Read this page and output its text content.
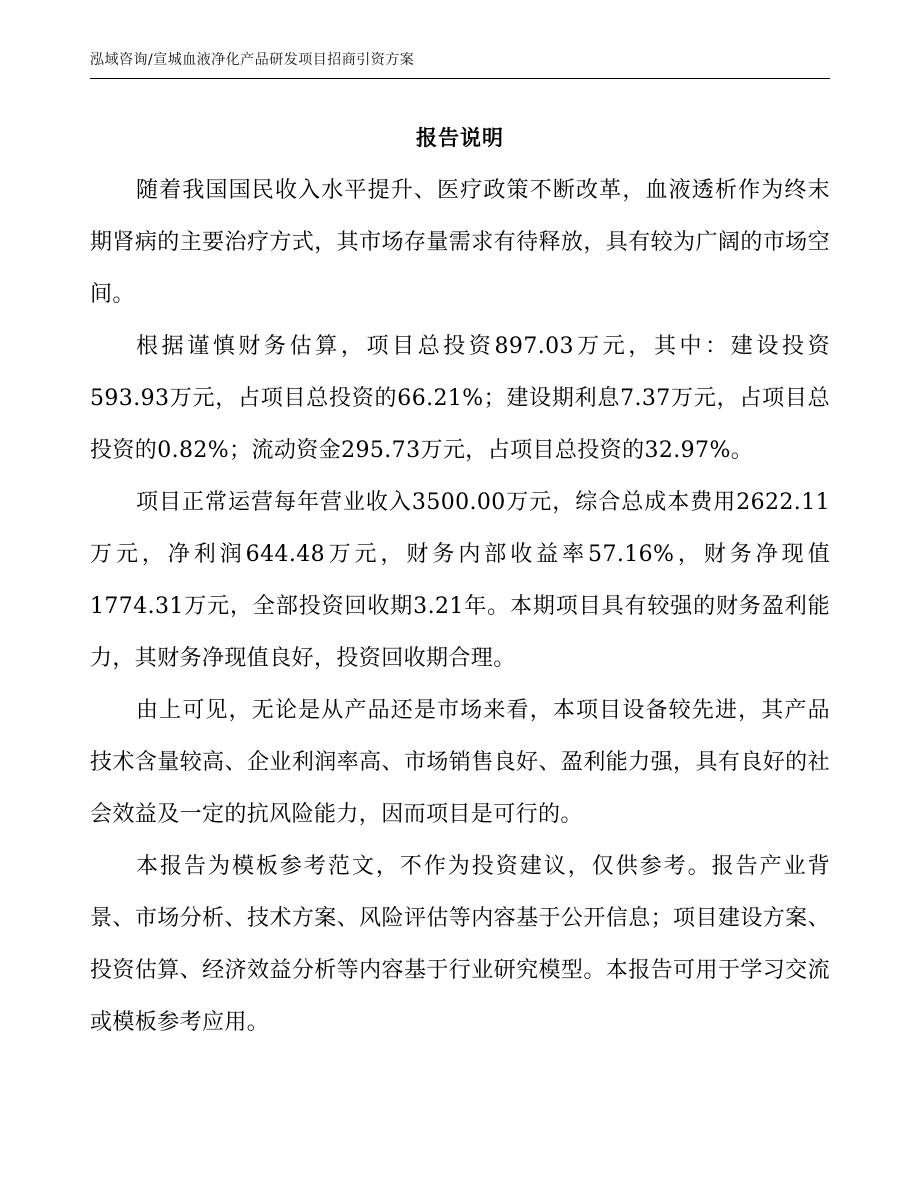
泓域咨询/宣城血液净化产品研发项目招商引资方案
报告说明

随着我国国民收入水平提升、医疗政策不断改革，血液透析作为终末期肾病的主要治疗方式，其市场存量需求有待释放，具有较为广阔的市场空间。

根据谨慎财务估算，项目总投资897.03万元，其中：建设投资593.93万元，占项目总投资的66.21%；建设期利息7.37万元，占项目总投资的0.82%；流动资金295.73万元，占项目总投资的32.97%。

项目正常运营每年营业收入3500.00万元，综合总成本费用2622.11万元，净利润644.48万元，财务内部收益率57.16%，财务净现值1774.31万元，全部投资回收期3.21年。本期项目具有较强的财务盈利能力，其财务净现值良好，投资回收期合理。

由上可见，无论是从产品还是市场来看，本项目设备较先进，其产品技术含量较高、企业利润率高、市场销售良好、盈利能力强，具有良好的社会效益及一定的抗风险能力，因而项目是可行的。

本报告为模板参考范文，不作为投资建议，仅供参考。报告产业背景、市场分析、技术方案、风险评估等内容基于公开信息；项目建设方案、投资估算、经济效益分析等内容基于行业研究模型。本报告可用于学习交流或模板参考应用。
